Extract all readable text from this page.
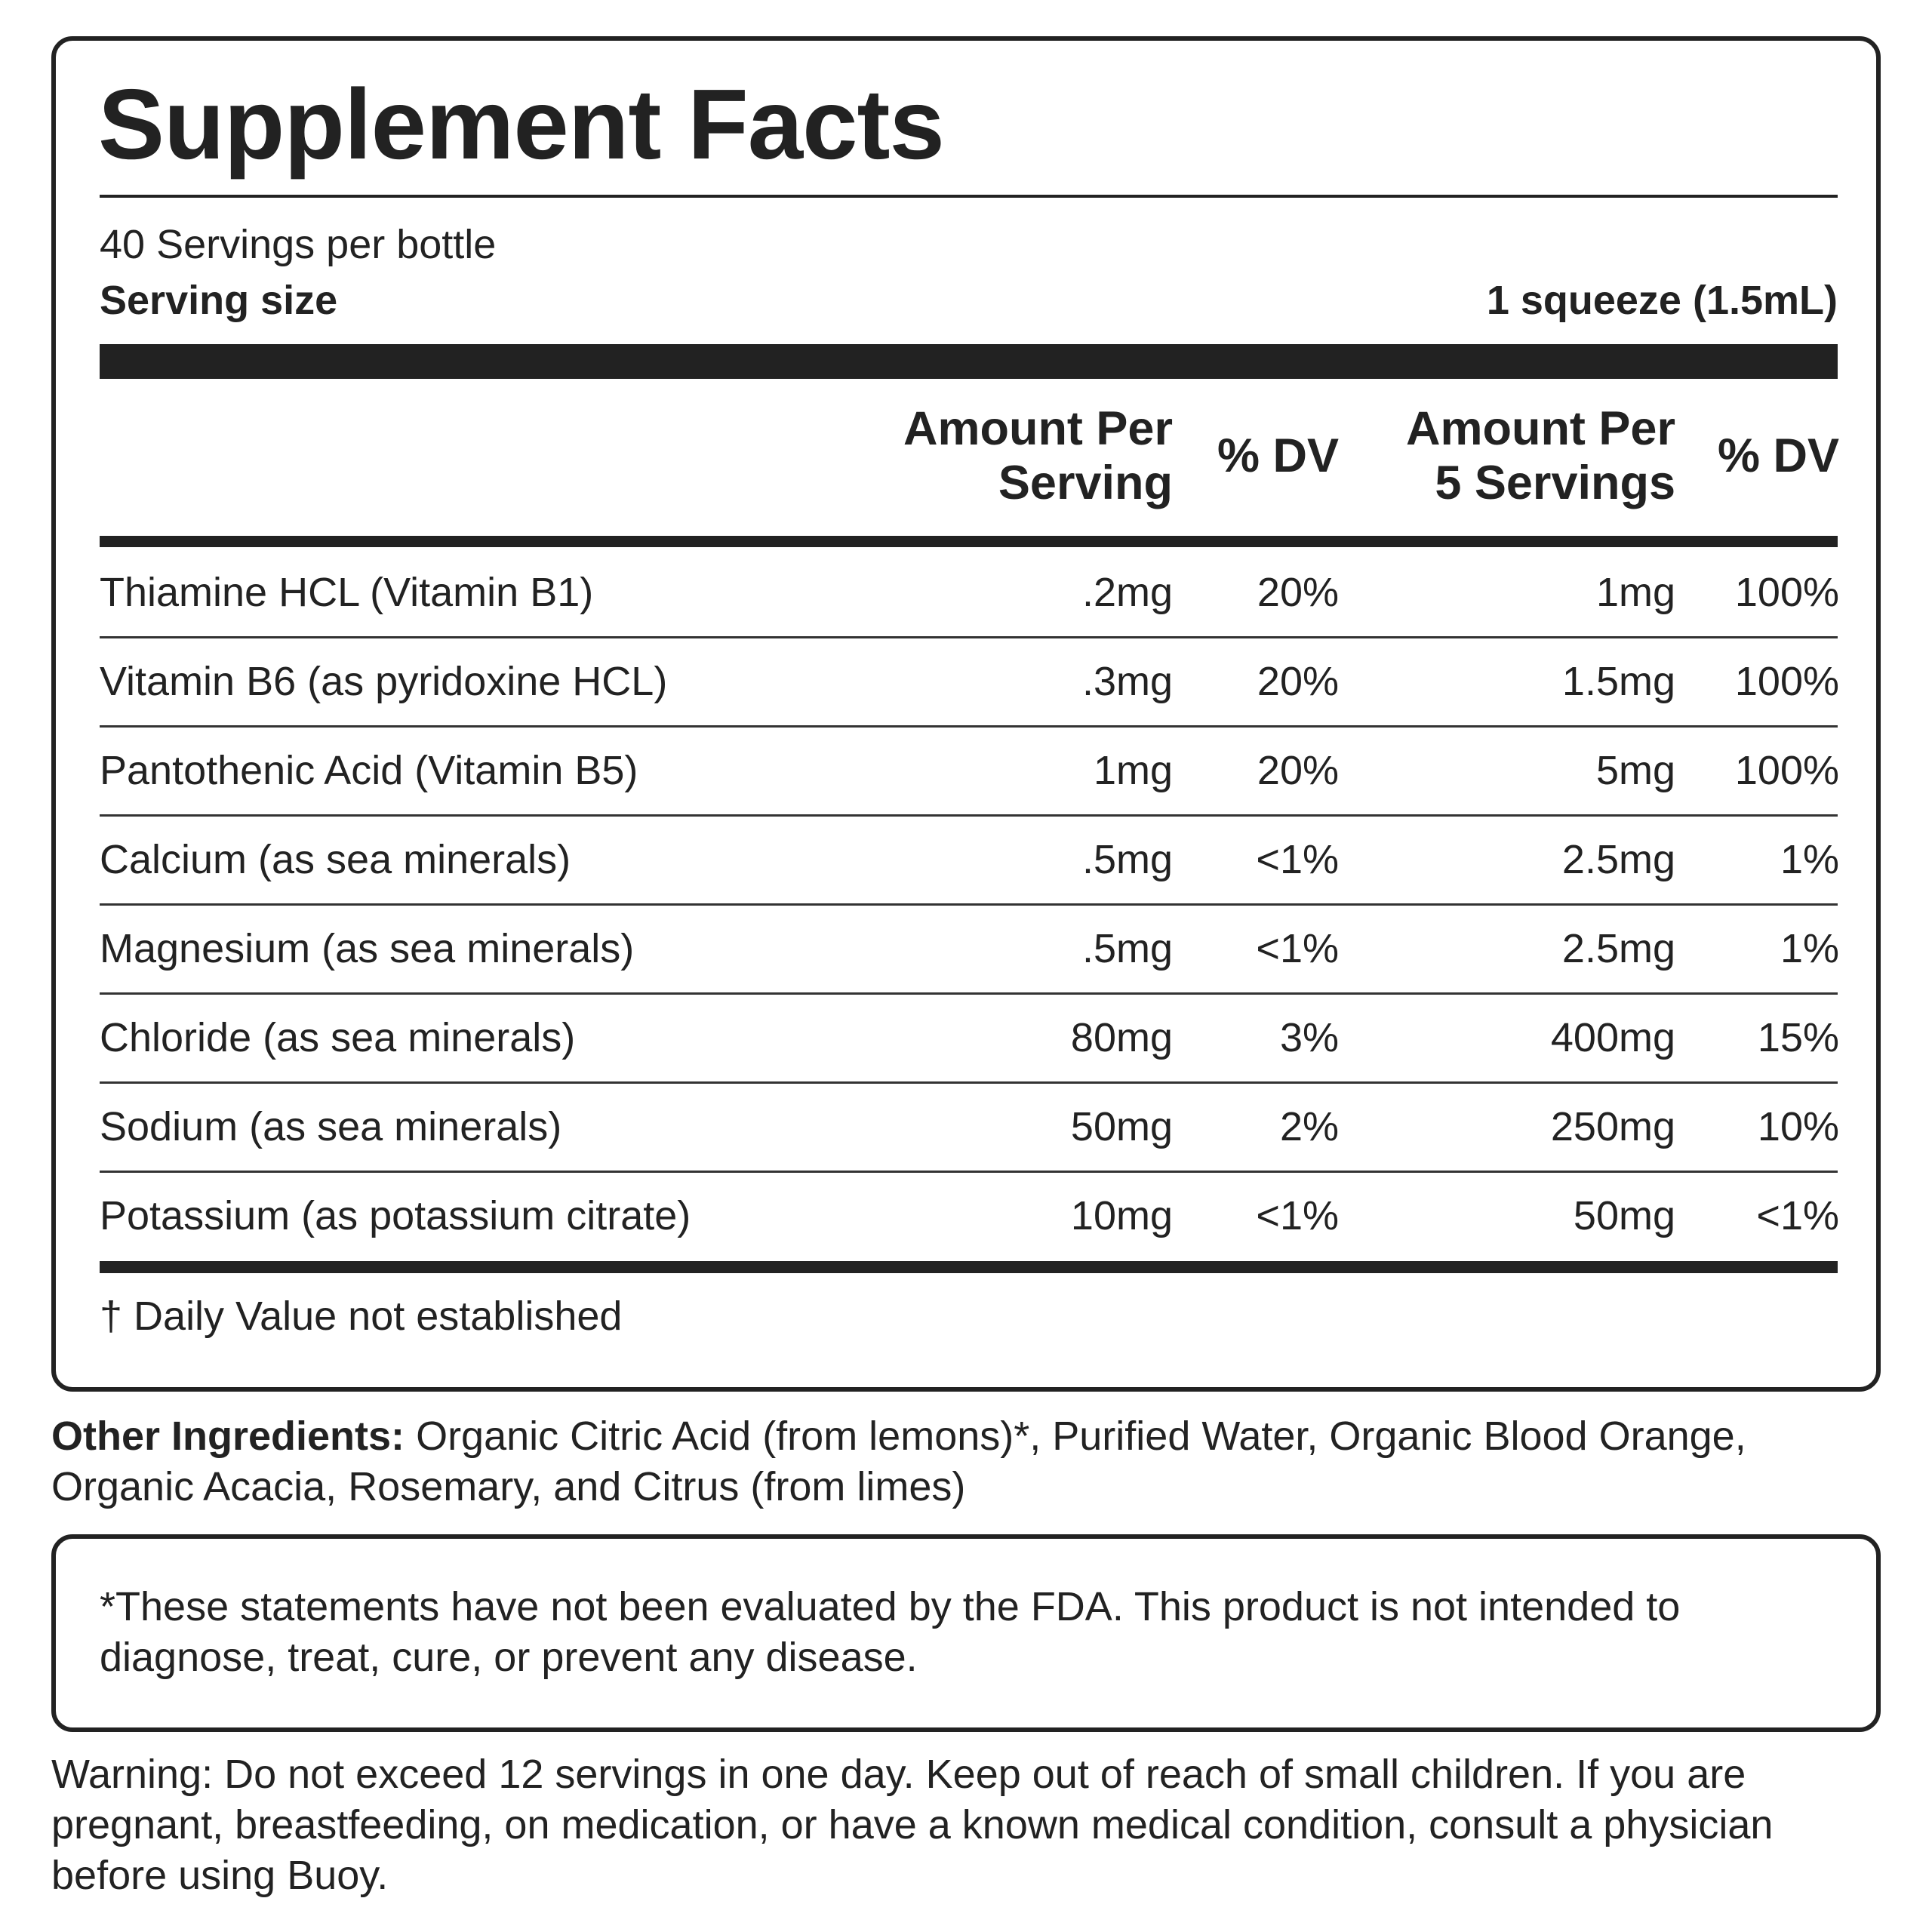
Supplement Facts
40 Servings per bottle
Serving size	1 squeeze (1.5mL)
Amount Per
Serving
% DV
Amount Per
5 Servings
% DV
Thiamine HCL (Vitamin B1)	.2mg 20%	1mg 100%
Vitamin B6 (as pyridoxine HCL)	.3mg 20%	1.5mg 100%
Pantothenic Acid (Vitamin B5)	1mg 20%	5mg 100%
Calcium (as sea minerals)	.5mg <1%	2.5mg	1%
Magnesium (as sea minerals)	.5mg <1%	2.5mg	1%
Chloride (as sea minerals)	80mg	3%	400mg 15%
Sodium (as sea minerals)	50mg	2%	250mg 10%
Potassium (as potassium citrate)	10mg <1%	50mg <1%
† Daily Value not established
Other Ingredients: Organic Citric Acid (from lemons)*, Purified Water, Organic Blood Orange, Organic Acacia, Rosemary, and Citrus (from limes)
*These statements have not been evaluated by the FDA. This product is not intended to diagnose, treat, cure, or prevent any disease.
Warning: Do not exceed 12 servings in one day. Keep out of reach of small children. If you are pregnant, breastfeeding, on medication, or have a known medical condition, consult a physician before using Buoy.
